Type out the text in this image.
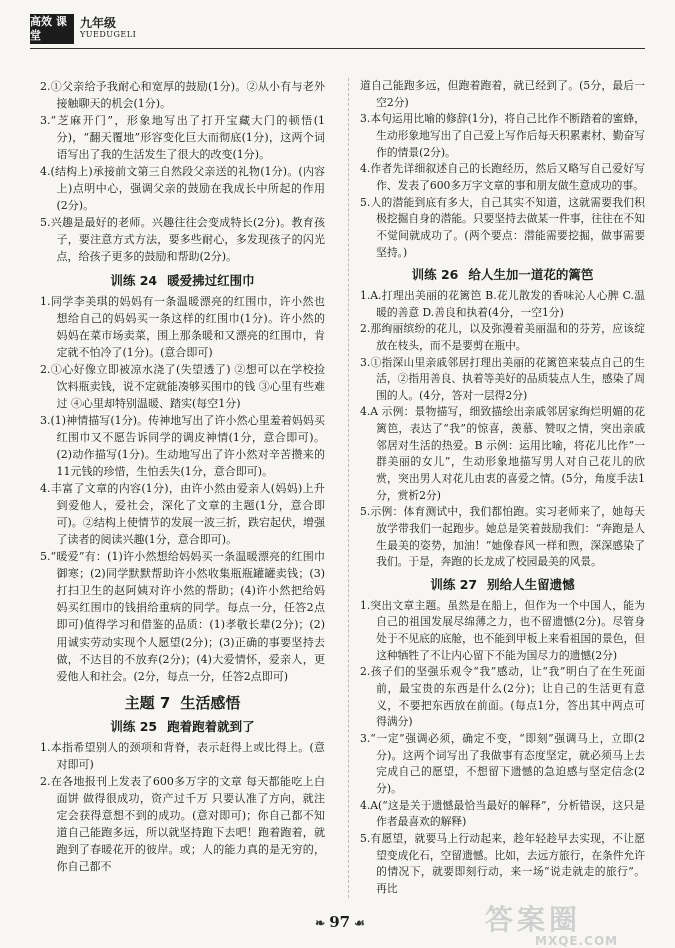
高效 课堂
九年级
YUEDUGELI

2.①父亲给予我耐心和宽厚的鼓励(1分)。②从小有与老外接触聊天的机会(1分)。

3.“芝麻开门”，形象地写出了打开宝藏大门的顿悟(1分)，“翻天覆地”形容变化巨大而彻底(1分)，这两个词语写出了我的生活发生了很大的改变(1分)。

4.(结构上)承接前文第三自然段父亲送的礼物(1分)。(内容上)点明中心，强调父亲的鼓励在我成长中所起的作用(2分)。

5.兴趣是最好的老师。兴趣往往会变成特长(2分)。教育孩子，要注意方式方法，要多些耐心，多发现孩子的闪光点，给孩子更多的鼓励和帮助(2分)。

训练 24 暖爱拂过红围巾

1.同学李美琪的妈妈有一条温暖漂亮的红围巾，许小然也想给自己的妈妈买一条这样的红围巾(1分)。许小然的妈妈在菜市场卖菜，围上那条暖和又漂亮的红围巾，肯定就不怕冷了(1分)。(意合即可)

2.①心好像立即被凉水浇了(失望透了) ②想可以在学校捡饮料瓶卖钱，说不定就能凑够买围巾的钱 ③心里有些难过 ④心里却特别温暖、踏实(每空1分)

3.(1)神情描写(1分)。传神地写出了许小然心里羞着妈妈买红围巾又不愿告诉同学的调皮神情(1分，意合即可)。(2)动作描写(1分)。生动地写出了许小然对辛苦攒来的11元钱的珍惜，生怕丢失(1分，意合即可)。

4.丰富了文章的内容(1分)，由许小然由爱亲人(妈妈)上升到爱他人，爱社会，深化了文章的主题(1分，意合即可)。②结构上使情节的发展一波三折，跌宕起伏，增强了读者的阅读兴趣(1分，意合即可)。

5.“暖爱”有：(1)许小然想给妈妈买一条温暖漂亮的红围巾御寒；(2)同学默默帮助许小然收集瓶瓶罐罐卖钱；(3)打扫卫生的赵阿姨对许小然的帮助；(4)许小然把给妈妈买红围巾的钱捐给重病的同学。每点一分，任答2点即可)值得学习和借鉴的品质：(1)孝敬长辈(2分)；(2)用诚实劳动实现个人愿望(2分)；(3)正确的事要坚持去做，不达目的不放弃(2分)；(4)大爱情怀，爱亲人，更爱他人和社会。(2分，每点一分，任答2点即可)

主题 7 生活感悟
训练 25 跑着跑着就到了

1.本指希望别人的颈项和背脊，表示赶得上或比得上。(意对即可)

2.在各地报刊上发表了600多万字的文章 每天都能吃上白面饼 做得很成功，资产过千万 只要认准了方向，就注定会获得意想不到的成功。(意对即可)；你自己都不知道自己能跑多远，所以就坚持跑下去吧！跑着跑着，就跑到了春暖花开的彼岸。或；人的能力真的是无穷的，你自己都不

道自己能跑多远，但跑着跑着，就已经到了。(5分，最后一空2分)

3.本句运用比喻的修辞(1分)，将自己比作不断踏着的蜜蜂，生动形象地写出了自己爱上写作后每天积累素材、勤奋写作的情景(2分)。

4.作者先详细叙述自己的长跑经历，然后又略写自己爱好写作、发表了600多万字文章的事和朋友做生意成功的事。

5.人的潜能到底有多大，自己其实不知道，这就需要我们积极挖掘自身的潜能。只要坚持去做某一件事，往往在不知不觉间就成功了。(两个要点：潜能需要挖掘，做事需要坚持。)

训练 26 给人生加一道花的篱笆

1.A.打理出美丽的花篱笆 B.花儿散发的香味沁人心脾 C.温暖的善意 D.善良和执着(4分，一空1分)

2.那绚丽缤纷的花儿，以及弥漫着美丽温和的芬芳，应该绽放在枝头，而不是要剪在瓶中。

3.①指深山里亲戚邻居打理出美丽的花篱笆来装点自己的生活，②指用善良、执着等美好的品质装点人生，感染了周围的人。(4分，答对一层得2分)

4.A 示例：景物描写，细致描绘出亲戚邻居家绚烂明媚的花篱笆，表达了“我”的惊喜，羡慕、赞叹之情，突出亲戚邻居对生活的热爱。B 示例：运用比喻，将花儿比作“一群美丽的女儿”，生动形象地描写男人对自己花儿的欣赏，突出男人对花儿由衷的喜爱之情。(5分，角度手法1分，赏析2分)

5.示例：体育测试中，我们都怕跑。实习老师来了，她每天放学带我们一起跑步。她总是笑着鼓励我们：“奔跑是人生最美的姿势，加油！”她像春风一样和煦，深深感染了我们。于是，奔跑的长龙成了校园最美的风景。

训练 27 别给人生留遗憾

1.突出文章主题。虽然是在船上，但作为一个中国人，能为自己的祖国发展尽绵薄之力，也不留遗憾(2分)。尽管身处于不见底的底舱，也不能到甲板上来看祖国的景色，但这种牺牲了不让内心留下不能为国尽力的遗憾(2分)

2.孩子们的坚强乐观令“我”感动，让“我”明白了在生死面前，最宝贵的东西是什么(2分)；让自己的生活更有意义，不要把东西放在前面。(每点1分，答出其中两点可得满分)

3.“一定”强调必须，确定不变，“即刻”强调马上，立即(2分)。这两个词写出了我做事有态度坚定，就必须马上去完成自己的愿望，不想留下遗憾的急迫感与坚定信念(2分)。

4.A(“这是关于遗憾最恰当最好的解释”，分析错误，这只是作者最喜欢的解释)

5.有愿望，就要马上行动起来，趁年轻趁早去实现，不让愿望变成化石，空留遗憾。比如，去远方旅行，在条件允许的情况下，就要即刻行动，来一场“说走就走的旅行”。再比

❧ 97 ☙	答案圈
MXQE.COM
